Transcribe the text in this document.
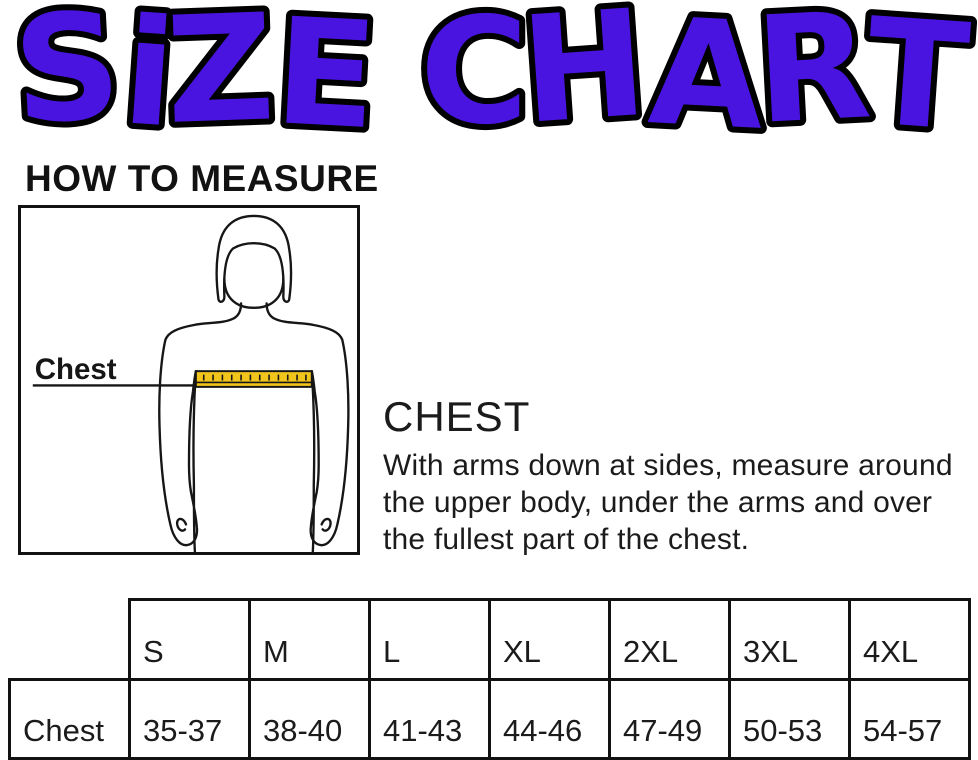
SiZE CHART
HOW TO MEASURE
Chest
CHEST

With arms down at sides, measure around the upper body, under the arms and over the fullest part of the chest.

	S	M	L	XL	2XL	3XL	4XL
Chest	35-37	38-40	41-43	44-46	47-49	50-53	54-57
